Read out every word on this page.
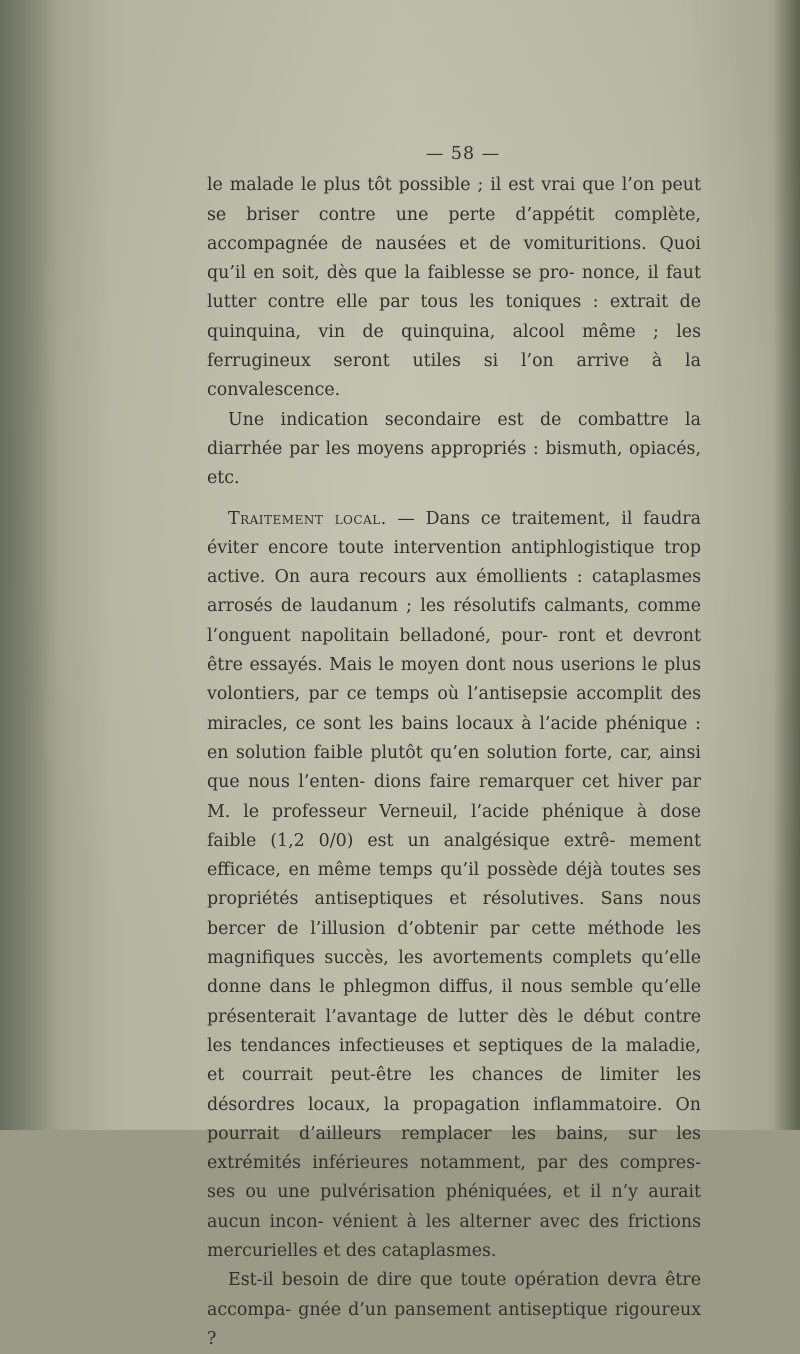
— 58 —

le malade le plus tôt possible ; il est vrai que l’on peut se briser contre une perte d’appétit complète, accompagnée de nausées et de vomituritions. Quoi qu’il en soit, dès que la faiblesse se pro- nonce, il faut lutter contre elle par tous les toniques : extrait de quinquina, vin de quinquina, alcool même ; les ferrugineux seront utiles si l’on arrive à la convalescence.

Une indication secondaire est de combattre la diarrhée par les moyens appropriés : bismuth, opiacés, etc.

Traitement local. — Dans ce traitement, il faudra éviter encore toute intervention antiphlogistique trop active. On aura recours aux émollients : cataplasmes arrosés de laudanum ; les résolutifs calmants, comme l’onguent napolitain belladoné, pour- ront et devront être essayés. Mais le moyen dont nous userions le plus volontiers, par ce temps où l’antisepsie accomplit des miracles, ce sont les bains locaux à l’acide phénique : en solution faible plutôt qu’en solution forte, car, ainsi que nous l’enten- dions faire remarquer cet hiver par M. le professeur Verneuil, l’acide phénique à dose faible (1,2 0/0) est un analgésique extrê- mement efficace, en même temps qu’il possède déjà toutes ses propriétés antiseptiques et résolutives. Sans nous bercer de l’illusion d’obtenir par cette méthode les magnifiques succès, les avortements complets qu’elle donne dans le phlegmon diffus, il nous semble qu’elle présenterait l’avantage de lutter dès le début contre les tendances infectieuses et septiques de la maladie, et courrait peut-être les chances de limiter les désordres locaux, la propagation inflammatoire. On pourrait d’ailleurs remplacer les bains, sur les extrémités inférieures notamment, par des compres- ses ou une pulvérisation phéniquées, et il n’y aurait aucun incon- vénient à les alterner avec des frictions mercurielles et des cataplasmes.

Est-il besoin de dire que toute opération devra être accompa- gnée d’un pansement antiseptique rigoureux ?
